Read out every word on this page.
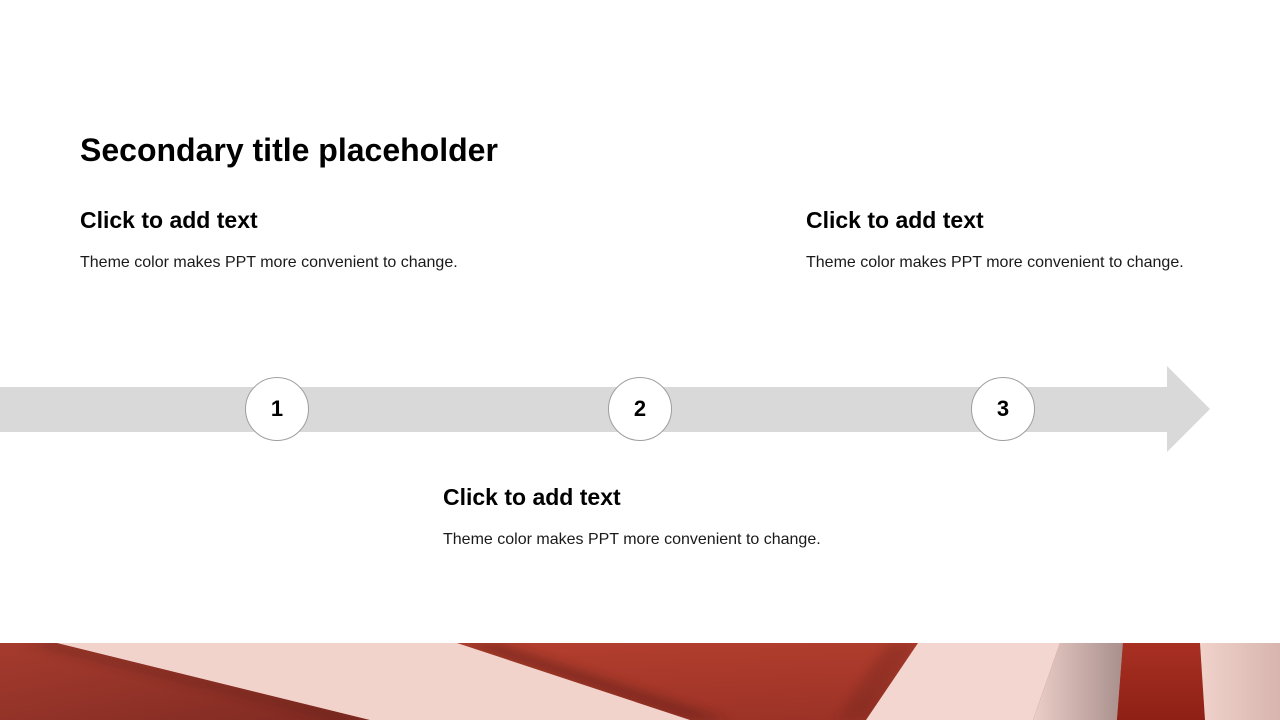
Secondary title placeholder
Click to add text
Theme color makes PPT more convenient to change.
Click to add text
Theme color makes PPT more convenient to change.
Click to add text
Theme color makes PPT more convenient to change.
1	2	3
